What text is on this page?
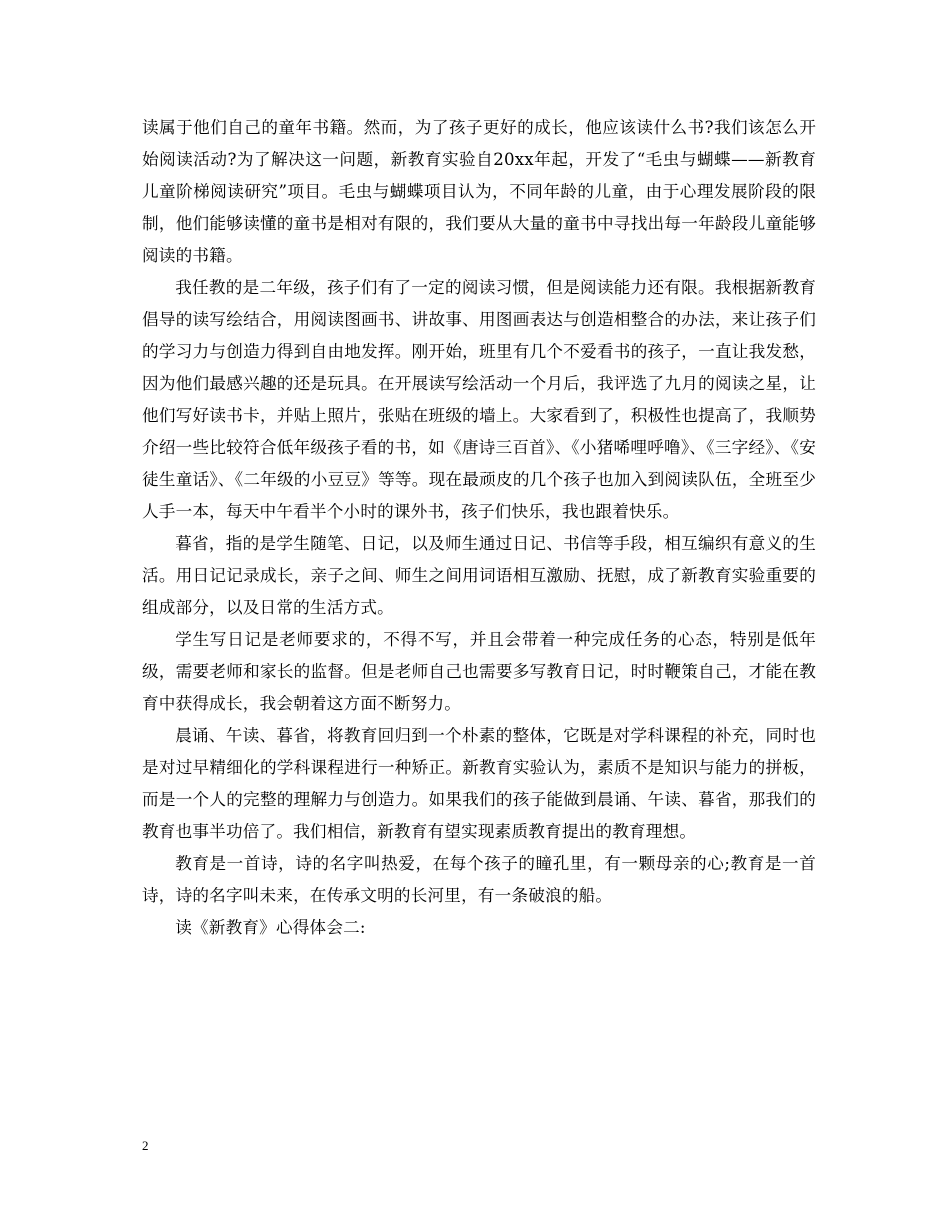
读属于他们自己的童年书籍。然而，为了孩子更好的成长，他应该读什么书?我们该怎么开始阅读活动?为了解决这一问题，新教育实验自20xx年起，开发了“毛虫与蝴蝶——新教育儿童阶梯阅读研究”项目。毛虫与蝴蝶项目认为，不同年龄的儿童，由于心理发展阶段的限制，他们能够读懂的童书是相对有限的，我们要从大量的童书中寻找出每一年龄段儿童能够阅读的书籍。

我任教的是二年级，孩子们有了一定的阅读习惯，但是阅读能力还有限。我根据新教育倡导的读写绘结合，用阅读图画书、讲故事、用图画表达与创造相整合的办法，来让孩子们的学习力与创造力得到自由地发挥。刚开始，班里有几个不爱看书的孩子，一直让我发愁，因为他们最感兴趣的还是玩具。在开展读写绘活动一个月后，我评选了九月的阅读之星，让他们写好读书卡，并贴上照片，张贴在班级的墙上。大家看到了，积极性也提高了，我顺势介绍一些比较符合低年级孩子看的书，如《唐诗三百首》、《小猪唏哩呼噜》、《三字经》、《安徒生童话》、《二年级的小豆豆》等等。现在最顽皮的几个孩子也加入到阅读队伍，全班至少人手一本，每天中午看半个小时的课外书，孩子们快乐，我也跟着快乐。

暮省，指的是学生随笔、日记，以及师生通过日记、书信等手段，相互编织有意义的生活。用日记记录成长，亲子之间、师生之间用词语相互激励、抚慰，成了新教育实验重要的组成部分，以及日常的生活方式。

学生写日记是老师要求的，不得不写，并且会带着一种完成任务的心态，特别是低年级，需要老师和家长的监督。但是老师自己也需要多写教育日记，时时鞭策自己，才能在教育中获得成长，我会朝着这方面不断努力。

晨诵、午读、暮省，将教育回归到一个朴素的整体，它既是对学科课程的补充，同时也是对过早精细化的学科课程进行一种矫正。新教育实验认为，素质不是知识与能力的拼板，而是一个人的完整的理解力与创造力。如果我们的孩子能做到晨诵、午读、暮省，那我们的教育也事半功倍了。我们相信，新教育有望实现素质教育提出的教育理想。

教育是一首诗，诗的名字叫热爱，在每个孩子的瞳孔里，有一颗母亲的心;教育是一首诗，诗的名字叫未来，在传承文明的长河里，有一条破浪的船。

读《新教育》心得体会二:

2
